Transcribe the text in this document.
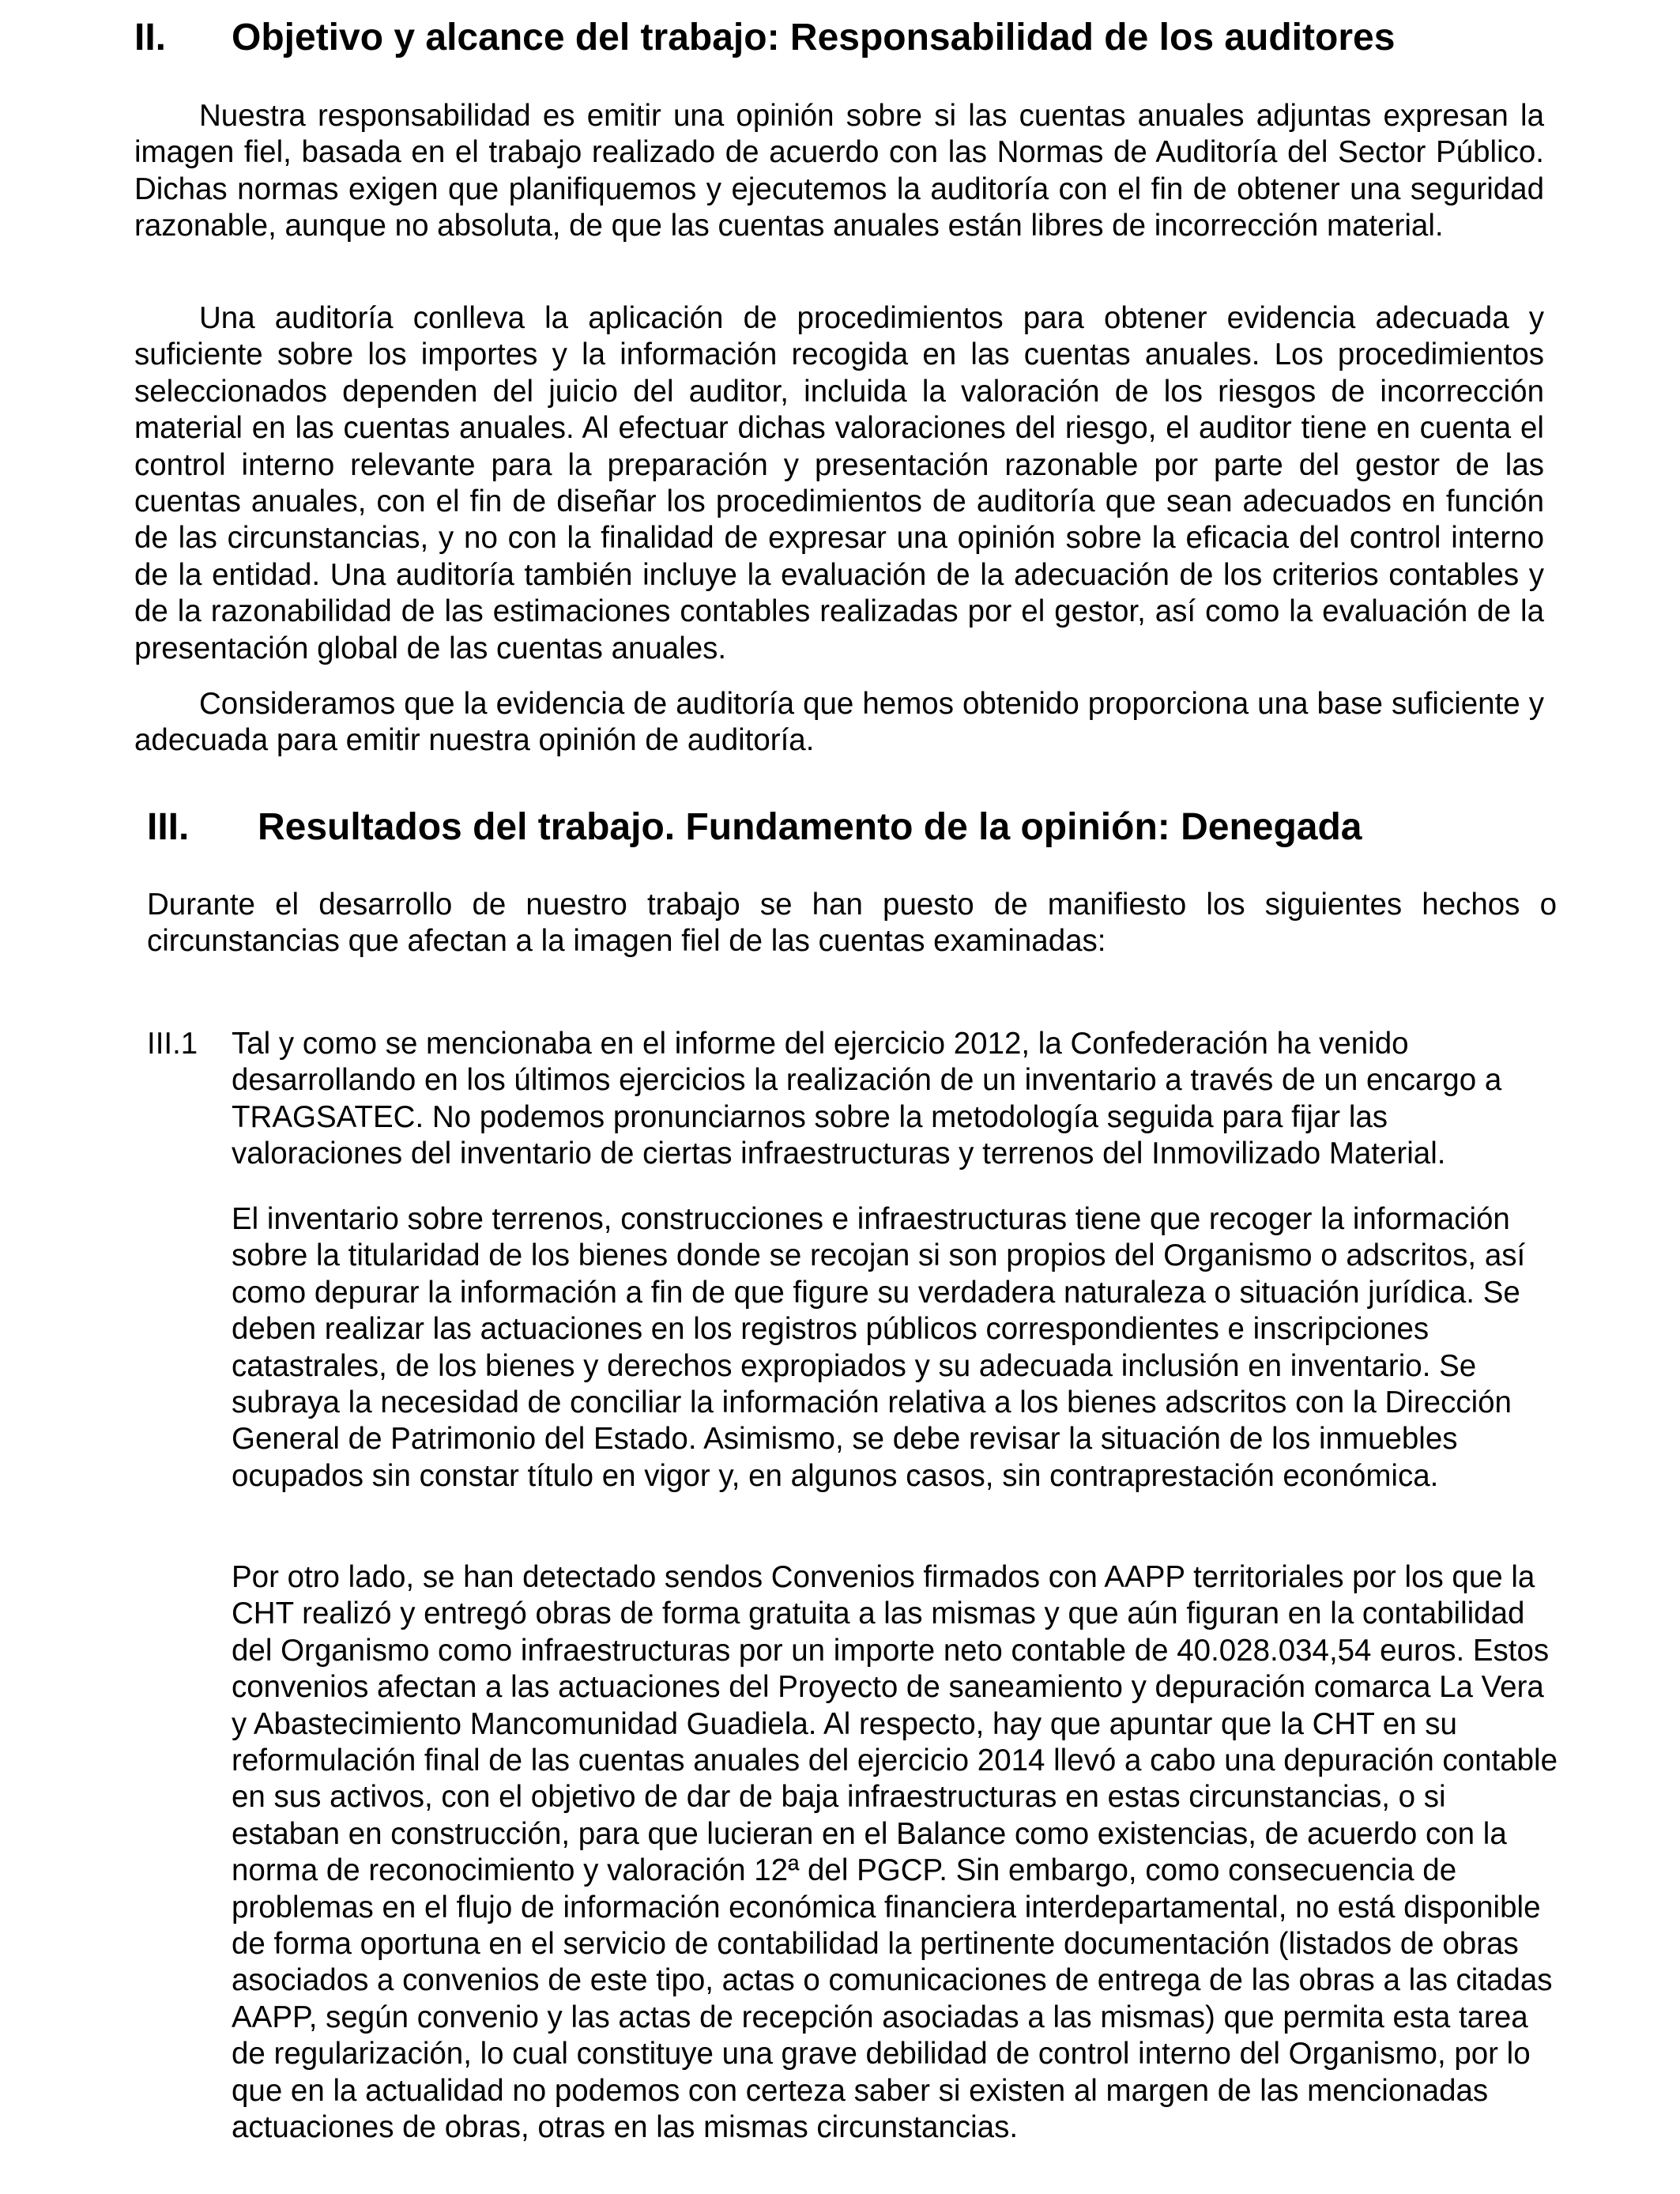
II. Objetivo y alcance del trabajo: Responsabilidad de los auditores

Nuestra responsabilidad es emitir una opinión sobre si las cuentas anuales adjuntas expresan la imagen fiel, basada en el trabajo realizado de acuerdo con las Normas de Auditoría del Sector Público. Dichas normas exigen que planifiquemos y ejecutemos la auditoría con el fin de obtener una seguridad razonable, aunque no absoluta, de que las cuentas anuales están libres de incorrección material.

Una auditoría conlleva la aplicación de procedimientos para obtener evidencia adecuada y suficiente sobre los importes y la información recogida en las cuentas anuales. Los procedimientos seleccionados dependen del juicio del auditor, incluida la valoración de los riesgos de incorrección material en las cuentas anuales. Al efectuar dichas valoraciones del riesgo, el auditor tiene en cuenta el control interno relevante para la preparación y presentación razonable por parte del gestor de las cuentas anuales, con el fin de diseñar los procedimientos de auditoría que sean adecuados en función de las circunstancias, y no con la finalidad de expresar una opinión sobre la eficacia del control interno de la entidad. Una auditoría también incluye la evaluación de la adecuación de los criterios contables y de la razonabilidad de las estimaciones contables realizadas por el gestor, así como la evaluación de la presentación global de las cuentas anuales.

Consideramos que la evidencia de auditoría que hemos obtenido proporciona una base suficiente y adecuada para emitir nuestra opinión de auditoría.

III. Resultados del trabajo. Fundamento de la opinión: Denegada

Durante el desarrollo de nuestro trabajo se han puesto de manifiesto los siguientes hechos o circunstancias que afectan a la imagen fiel de las cuentas examinadas:

III.1 Tal y como se mencionaba en el informe del ejercicio 2012, la Confederación ha venido desarrollando en los últimos ejercicios la realización de un inventario a través de un encargo a TRAGSATEC. No podemos pronunciarnos sobre la metodología seguida para fijar las valoraciones del inventario de ciertas infraestructuras y terrenos del Inmovilizado Material.

El inventario sobre terrenos, construcciones e infraestructuras tiene que recoger la información sobre la titularidad de los bienes donde se recojan si son propios del Organismo o adscritos, así como depurar la información a fin de que figure su verdadera naturaleza o situación jurídica. Se deben realizar las actuaciones en los registros públicos correspondientes e inscripciones catastrales, de los bienes y derechos expropiados y su adecuada inclusión en inventario. Se subraya la necesidad de conciliar la información relativa a los bienes adscritos con la Dirección General de Patrimonio del Estado. Asimismo, se debe revisar la situación de los inmuebles ocupados sin constar título en vigor y, en algunos casos, sin contraprestación económica.

Por otro lado, se han detectado sendos Convenios firmados con AAPP territoriales por los que la CHT realizó y entregó obras de forma gratuita a las mismas y que aún figuran en la contabilidad del Organismo como infraestructuras por un importe neto contable de 40.028.034,54 euros. Estos convenios afectan a las actuaciones del Proyecto de saneamiento y depuración comarca La Vera y Abastecimiento Mancomunidad Guadiela. Al respecto, hay que apuntar que la CHT en su reformulación final de las cuentas anuales del ejercicio 2014 llevó a cabo una depuración contable en sus activos, con el objetivo de dar de baja infraestructuras en estas circunstancias, o si estaban en construcción, para que lucieran en el Balance como existencias, de acuerdo con la norma de reconocimiento y valoración 12ª del PGCP. Sin embargo, como consecuencia de problemas en el flujo de información económica financiera interdepartamental, no está disponible de forma oportuna en el servicio de contabilidad la pertinente documentación (listados de obras asociados a convenios de este tipo, actas o comunicaciones de entrega de las obras a las citadas AAPP, según convenio y las actas de recepción asociadas a las mismas) que permita esta tarea de regularización, lo cual constituye una grave debilidad de control interno del Organismo, por lo que en la actualidad no podemos con certeza saber si existen al margen de las mencionadas actuaciones de obras, otras en las mismas circunstancias.
